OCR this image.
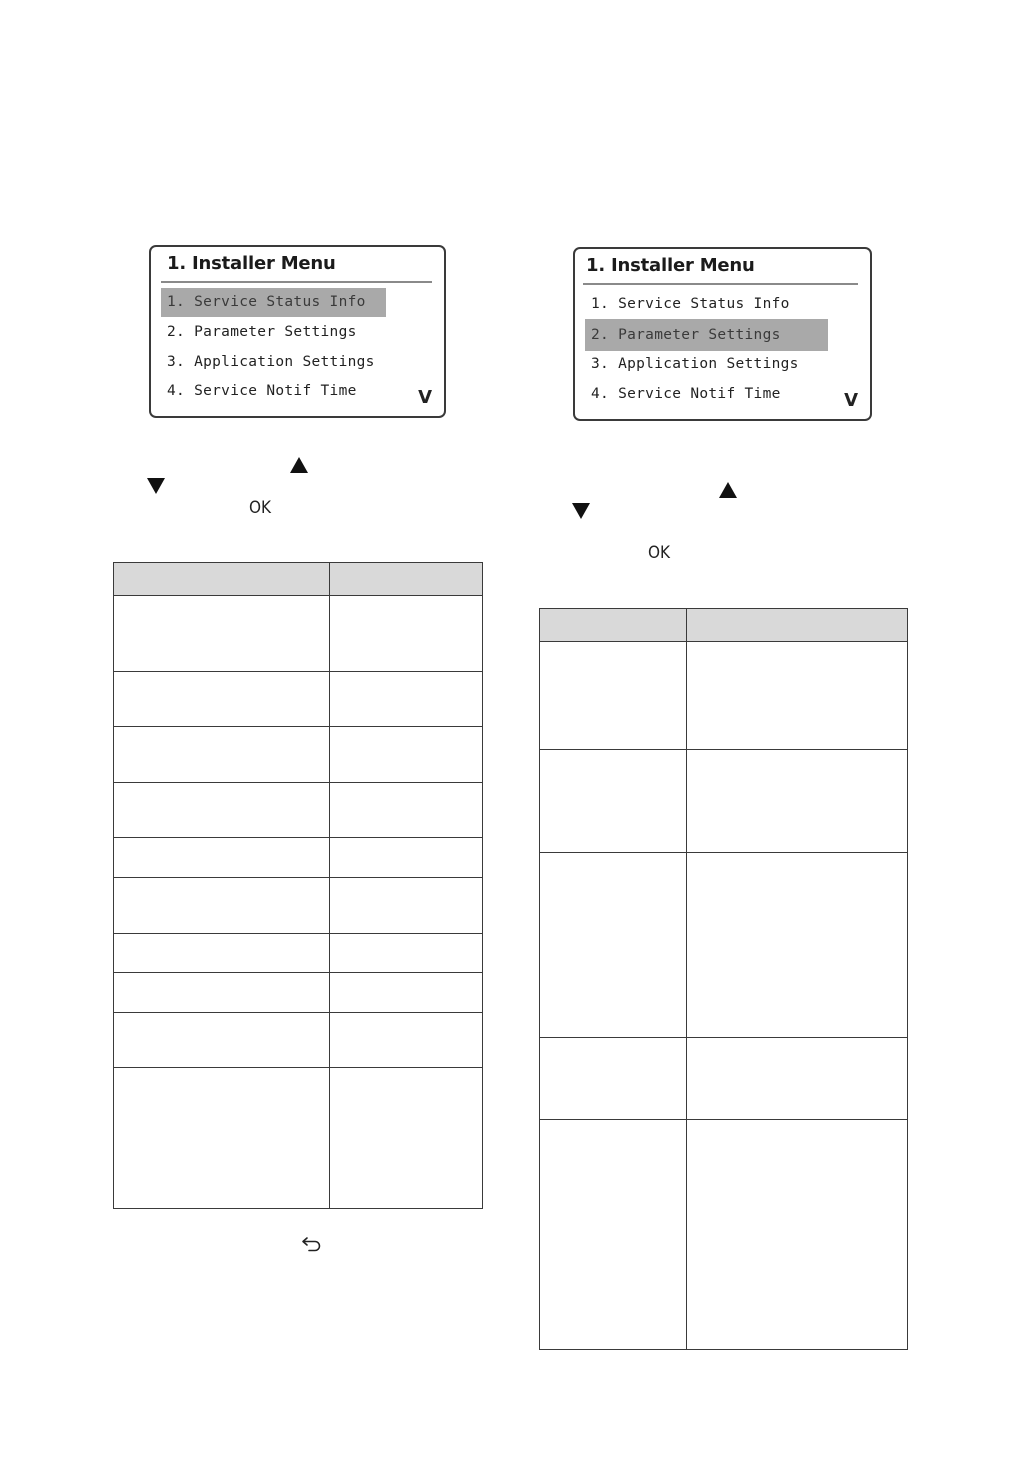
1. Installer Menu
1. Service Status Info
2. Parameter Settings
3. Application Settings
4. Service Notif Time	V
OK

1. Installer Menu
1. Service Status Info
2. Parameter Settings
3. Application Settings
4. Service Notif Time	V
OK
